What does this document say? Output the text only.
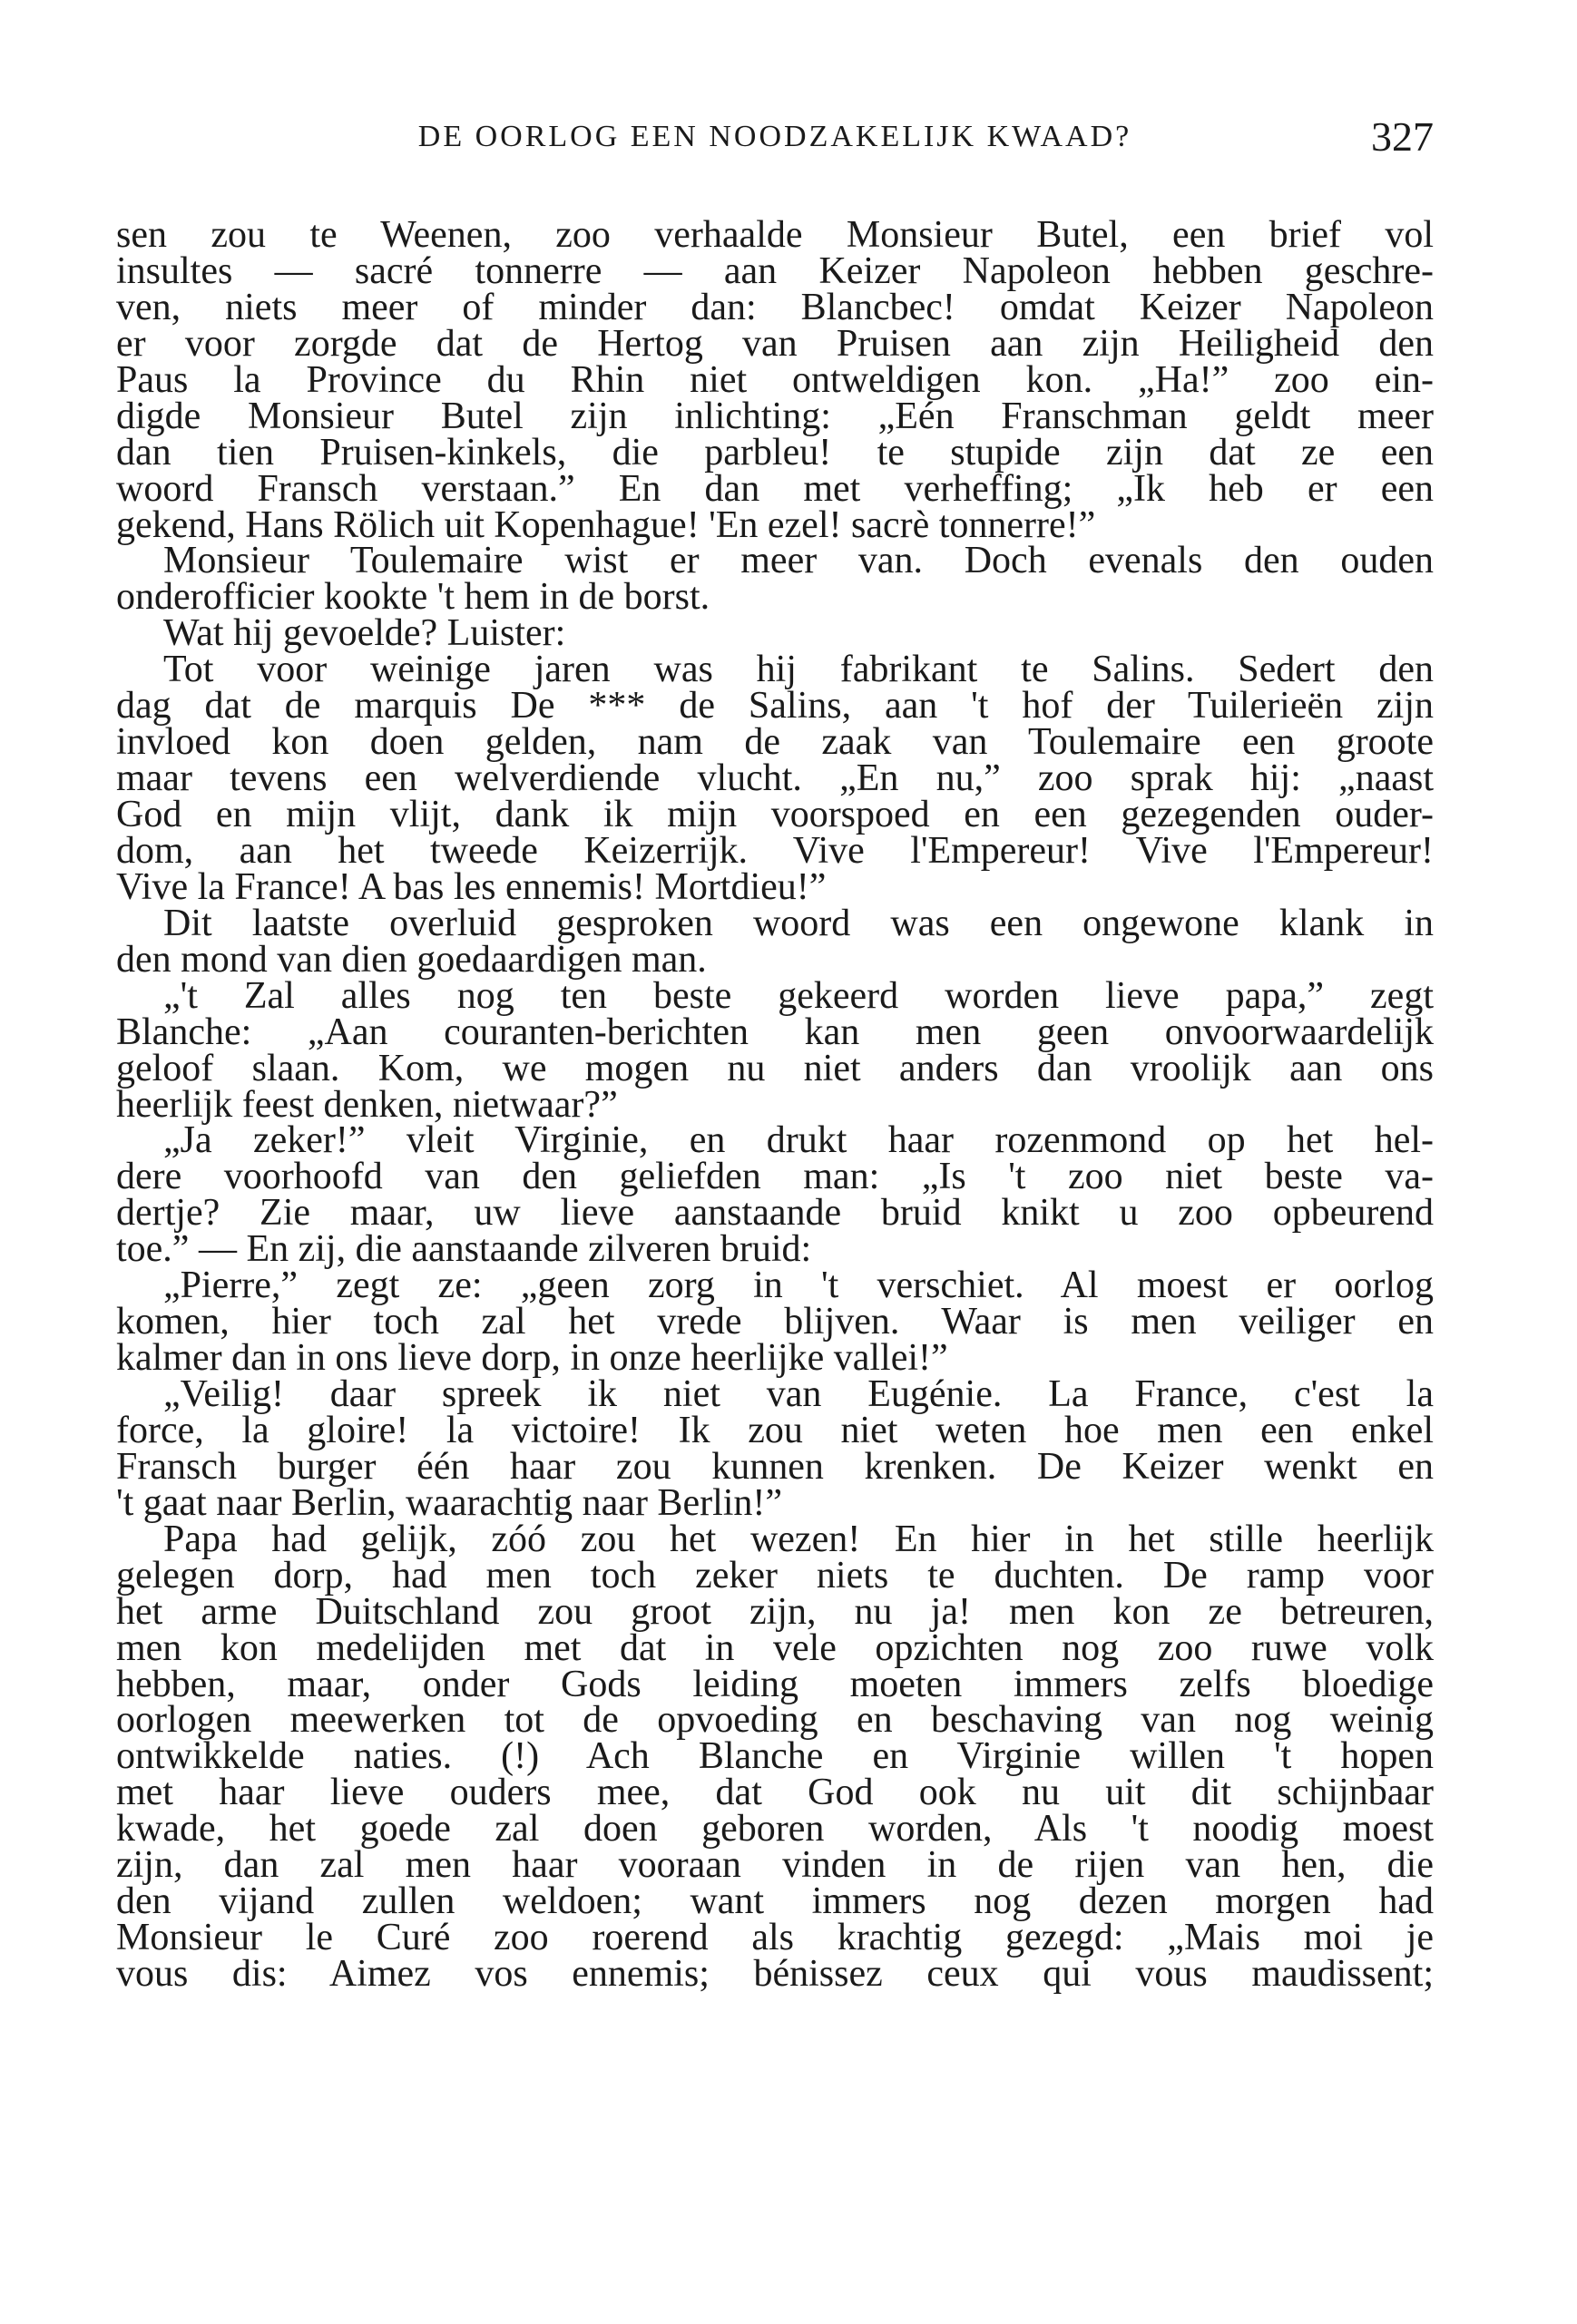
DE OORLOG EEN NOODZAKELIJK KWAAD?	327
sen zou te Weenen, zoo verhaalde Monsieur Butel, een brief vol
insultes — sacré tonnerre — aan Keizer Napoleon hebben geschre-
ven, niets meer of minder dan: Blancbec! omdat Keizer Napoleon
er voor zorgde dat de Hertog van Pruisen aan zijn Heiligheid den
Paus la Province du Rhin niet ontweldigen kon. „Ha!” zoo ein-
digde Monsieur Butel zijn inlichting: „Eén Franschman geldt meer
dan tien Pruisen-kinkels, die parbleu! te stupide zijn dat ze een
woord Fransch verstaan.” En dan met verheffing; „Ik heb er een
gekend, Hans Rölich uit Kopenhague! 'En ezel! sacrè tonnerre!”
Monsieur Toulemaire wist er meer van. Doch evenals den ouden
onderofficier kookte 't hem in de borst.
Wat hij gevoelde? Luister:
Tot voor weinige jaren was hij fabrikant te Salins. Sedert den
dag dat de marquis De *** de Salins, aan 't hof der Tuilerieën zijn
invloed kon doen gelden, nam de zaak van Toulemaire een groote
maar tevens een welverdiende vlucht. „En nu,” zoo sprak hij: „naast
God en mijn vlijt, dank ik mijn voorspoed en een gezegenden ouder-
dom, aan het tweede Keizerrijk. Vive l'Empereur! Vive l'Empereur!
Vive la France! A bas les ennemis! Mortdieu!”
Dit laatste overluid gesproken woord was een ongewone klank in
den mond van dien goedaardigen man.
„'t Zal alles nog ten beste gekeerd worden lieve papa,” zegt
Blanche: „Aan couranten-berichten kan men geen onvoorwaardelijk
geloof slaan. Kom, we mogen nu niet anders dan vroolijk aan ons
heerlijk feest denken, nietwaar?”
„Ja zeker!” vleit Virginie, en drukt haar rozenmond op het hel-
dere voorhoofd van den geliefden man: „Is 't zoo niet beste va-
dertje? Zie maar, uw lieve aanstaande bruid knikt u zoo opbeurend
toe.” — En zij, die aanstaande zilveren bruid:
„Pierre,” zegt ze: „geen zorg in 't verschiet. Al moest er oorlog
komen, hier toch zal het vrede blijven. Waar is men veiliger en
kalmer dan in ons lieve dorp, in onze heerlijke vallei!”
„Veilig! daar spreek ik niet van Eugénie. La France, c'est la
force, la gloire! la victoire! Ik zou niet weten hoe men een enkel
Fransch burger één haar zou kunnen krenken. De Keizer wenkt en
't gaat naar Berlin, waarachtig naar Berlin!”
Papa had gelijk, zóó zou het wezen! En hier in het stille heerlijk
gelegen dorp, had men toch zeker niets te duchten. De ramp voor
het arme Duitschland zou groot zijn, nu ja! men kon ze betreuren,
men kon medelijden met dat in vele opzichten nog zoo ruwe volk
hebben, maar, onder Gods leiding moeten immers zelfs bloedige
oorlogen meewerken tot de opvoeding en beschaving van nog weinig
ontwikkelde naties. (!) Ach Blanche en Virginie willen 't hopen
met haar lieve ouders mee, dat God ook nu uit dit schijnbaar
kwade, het goede zal doen geboren worden, Als 't noodig moest
zijn, dan zal men haar vooraan vinden in de rijen van hen, die
den vijand zullen weldoen; want immers nog dezen morgen had
Monsieur le Curé zoo roerend als krachtig gezegd: „Mais moi je
vous dis: Aimez vos ennemis; bénissez ceux qui vous maudissent;
